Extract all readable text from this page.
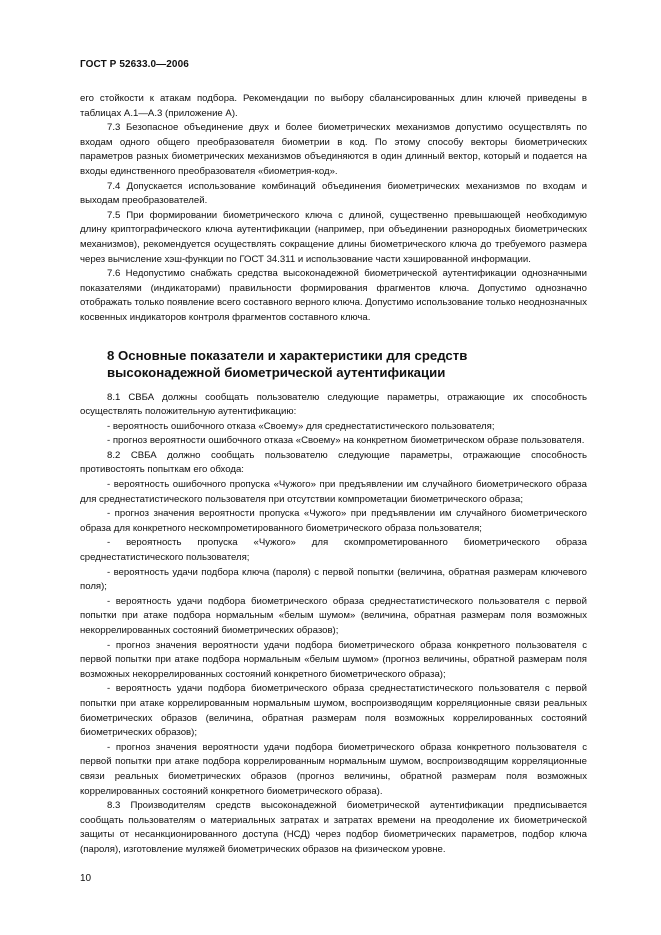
ГОСТ Р 52633.0—2006

его стойкости к атакам подбора. Рекомендации по выбору сбалансированных длин ключей приведены в таблицах А.1—А.3 (приложение А).

7.3 Безопасное объединение двух и более биометрических механизмов допустимо осуществлять по входам одного общего преобразователя биометрии в код. По этому способу векторы биометрических параметров разных биометрических механизмов объединяются в один длинный вектор, который и подается на входы единственного преобразователя «биометрия-код».

7.4 Допускается использование комбинаций объединения биометрических механизмов по входам и выходам преобразователей.

7.5 При формировании биометрического ключа с длиной, существенно превышающей необходимую длину криптографического ключа аутентификации (например, при объединении разнородных биометрических механизмов), рекомендуется осуществлять сокращение длины биометрического ключа до требуемого размера через вычисление хэш-функции по ГОСТ 34.311 и использование части хэшированной информации.

7.6 Недопустимо снабжать средства высоконадежной биометрической аутентификации однозначными показателями (индикаторами) правильности формирования фрагментов ключа. Допустимо однозначно отображать только появление всего составного верного ключа. Допустимо использование только неоднозначных косвенных индикаторов контроля фрагментов составного ключа.

8 Основные показатели и характеристики для средств
высоконадежной биометрической аутентификации

8.1 СВБА должны сообщать пользователю следующие параметры, отражающие их способность осуществлять положительную аутентификацию:

- вероятность ошибочного отказа «Своему» для среднестатистического пользователя;

- прогноз вероятности ошибочного отказа «Своему» на конкретном биометрическом образе пользователя.

8.2 СВБА должно сообщать пользователю следующие параметры, отражающие способность противостоять попыткам его обхода:

- вероятность ошибочного пропуска «Чужого» при предъявлении им случайного биометрического образа для среднестатистического пользователя при отсутствии компрометации биометрического образа;

- прогноз значения вероятности пропуска «Чужого» при предъявлении им случайного биометрического образа для конкретного нескомпрометированного биометрического образа пользователя;

- вероятность пропуска «Чужого» для скомпрометированного биометрического образа среднестатистического пользователя;

- вероятность удачи подбора ключа (пароля) с первой попытки (величина, обратная размерам ключевого поля);

- вероятность удачи подбора биометрического образа среднестатистического пользователя с первой попытки при атаке подбора нормальным «белым шумом» (величина, обратная размерам поля возможных некоррелированных состояний биометрических образов);

- прогноз значения вероятности удачи подбора биометрического образа конкретного пользователя с первой попытки при атаке подбора нормальным «белым шумом» (прогноз величины, обратной размерам поля возможных некоррелированных состояний конкретного биометрического образа);

- вероятность удачи подбора биометрического образа среднестатистического пользователя с первой попытки при атаке коррелированным нормальным шумом, воспроизводящим корреляционные связи реальных биометрических образов (величина, обратная размерам поля возможных коррелированных состояний биометрических образов);

- прогноз значения вероятности удачи подбора биометрического образа конкретного пользователя с первой попытки при атаке подбора коррелированным нормальным шумом, воспроизводящим корреляционные связи реальных биометрических образов (прогноз величины, обратной размерам поля возможных коррелированных состояний конкретного биометрического образа).

8.3 Производителям средств высоконадежной биометрической аутентификации предписывается сообщать пользователям о материальных затратах и затратах времени на преодоление их биометрической защиты от несанкционированного доступа (НСД) через подбор биометрических параметров, подбор ключа (пароля), изготовление муляжей биометрических образов на физическом уровне.

10
